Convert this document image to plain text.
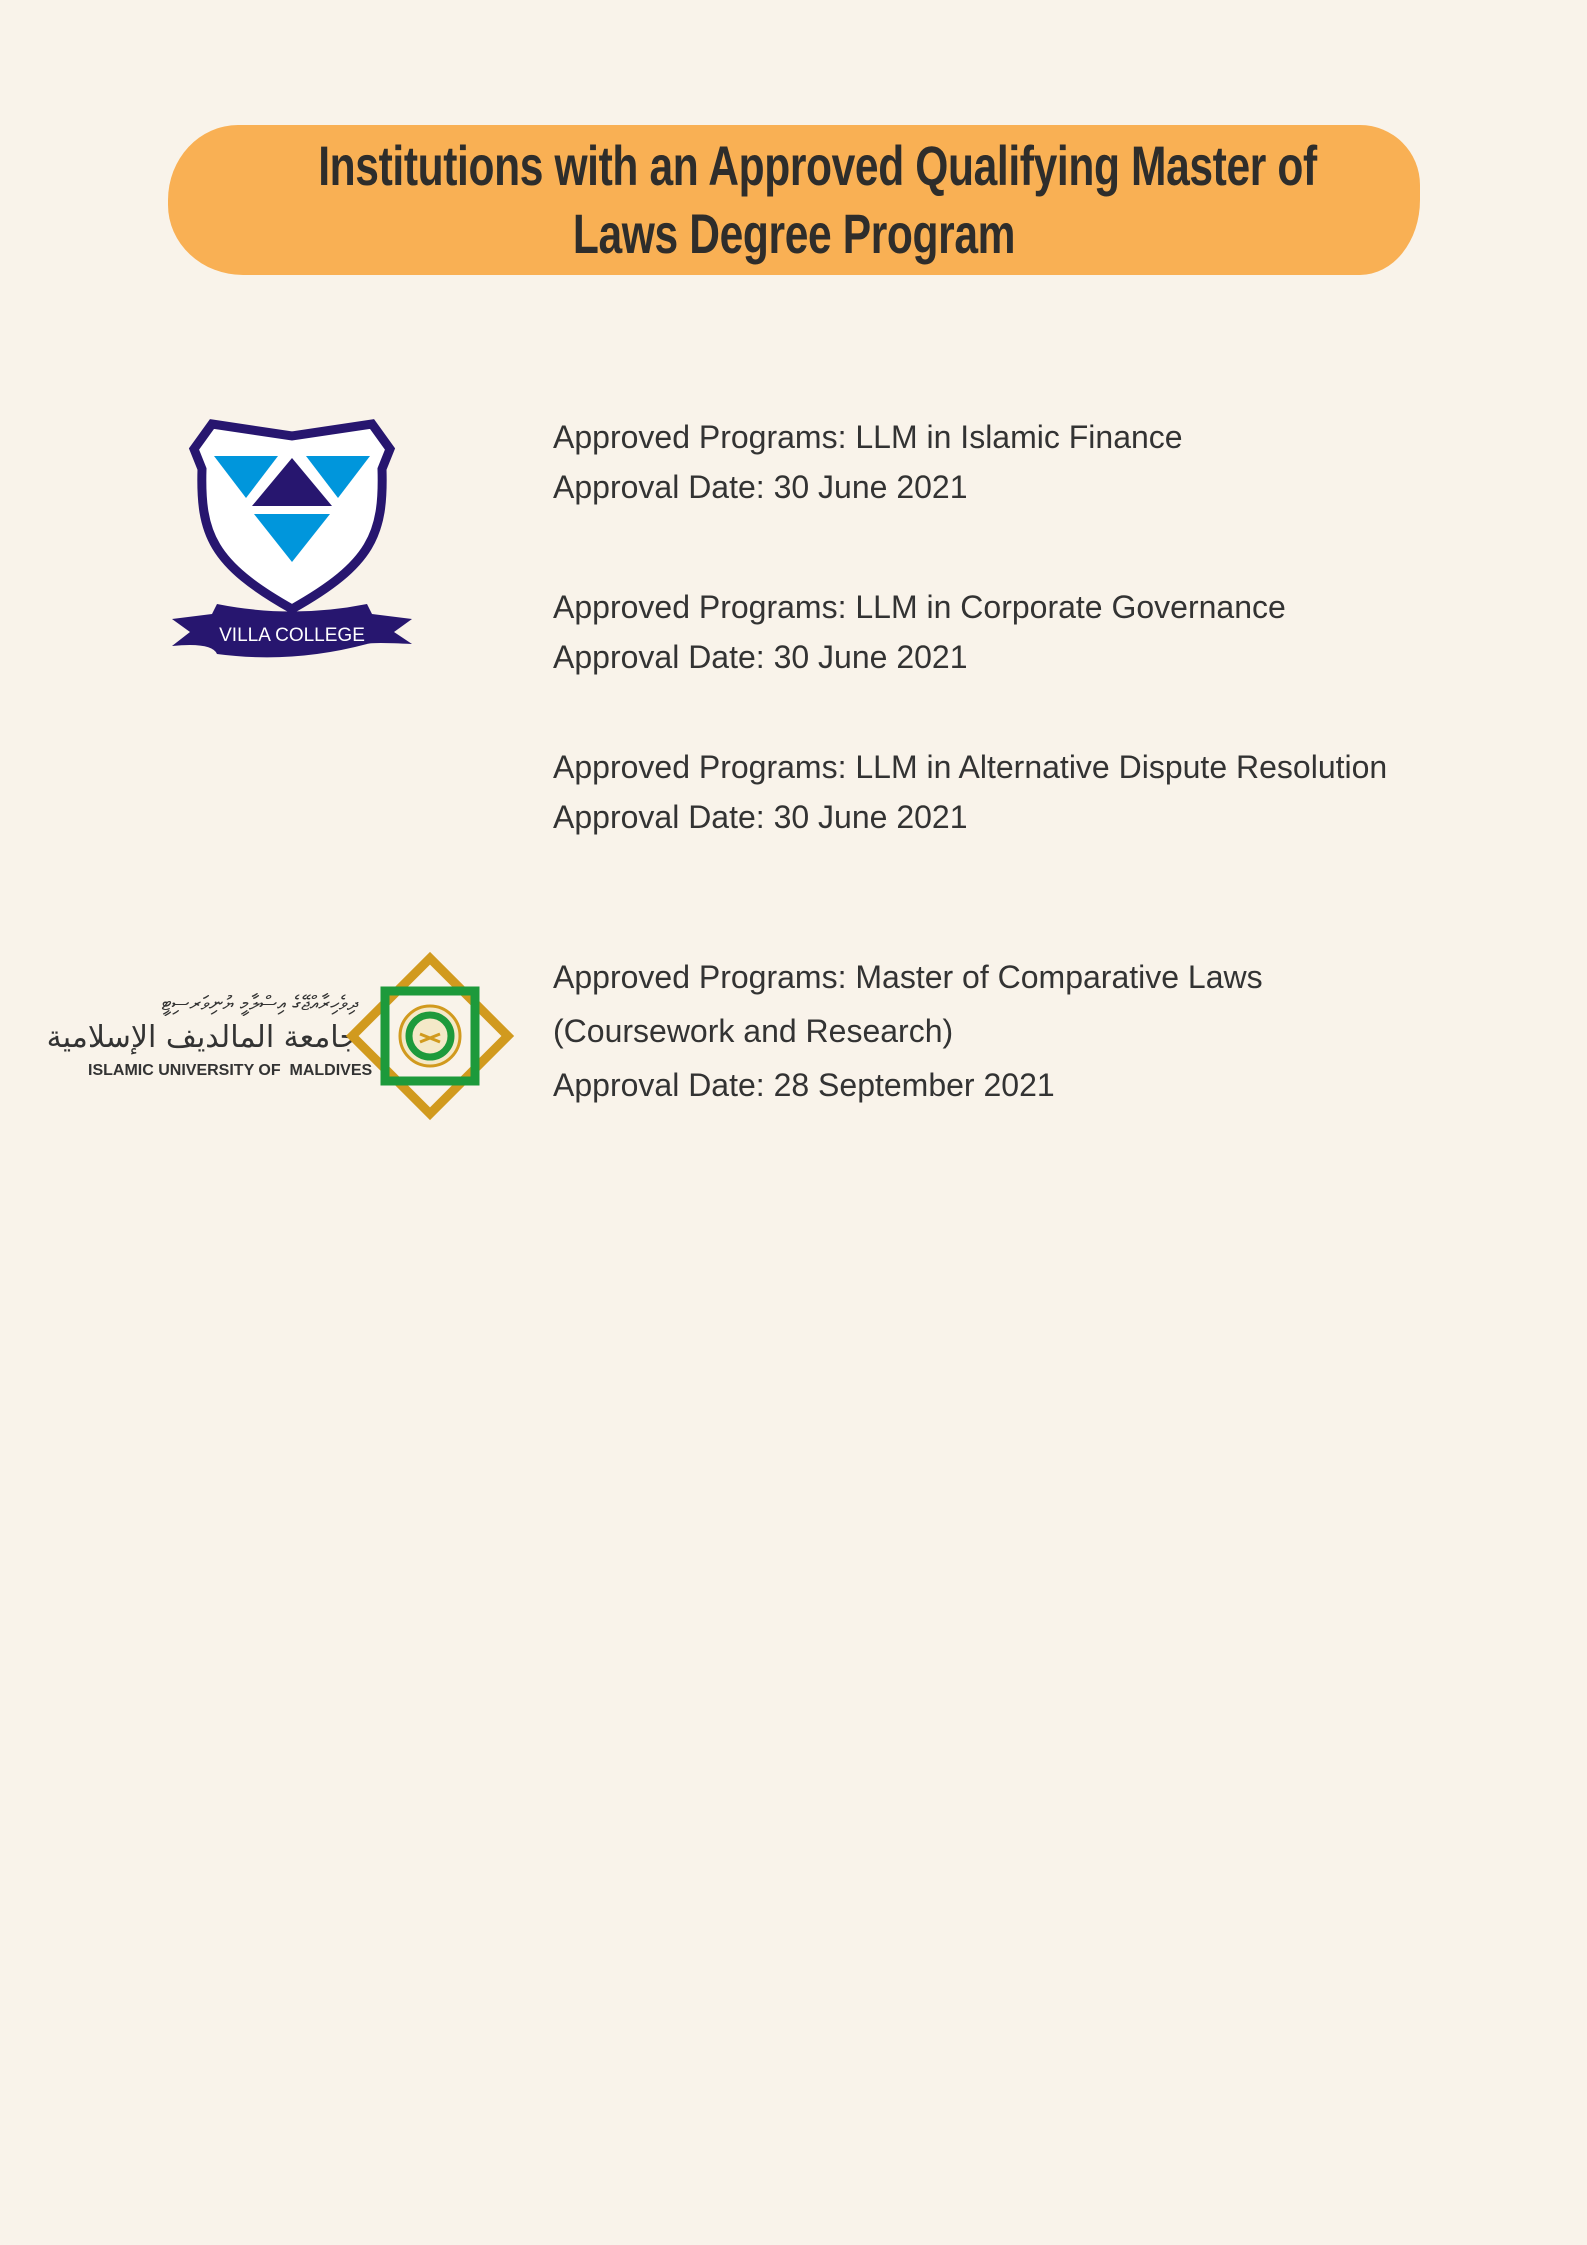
Institutions with an Approved Qualifying Master of
Laws Degree Program
VILLA COLLEGE
Approved Programs: LLM in Islamic Finance
Approval Date: 30 June 2021
Approved Programs: LLM in Corporate Governance
Approval Date: 30 June 2021
Approved Programs: LLM in Alternative Dispute Resolution
Approval Date: 30 June 2021
ދިވެހިރާއްޖޭގެ އިސްލާމީ ޔުނިވަރސިޓީ
جامعة المالديف الإسلامية
ISLAMIC UNIVERSITY OF  MALDIVES
Approved Programs: Master of Comparative Laws
(Coursework and Research)
Approval Date: 28 September 2021
